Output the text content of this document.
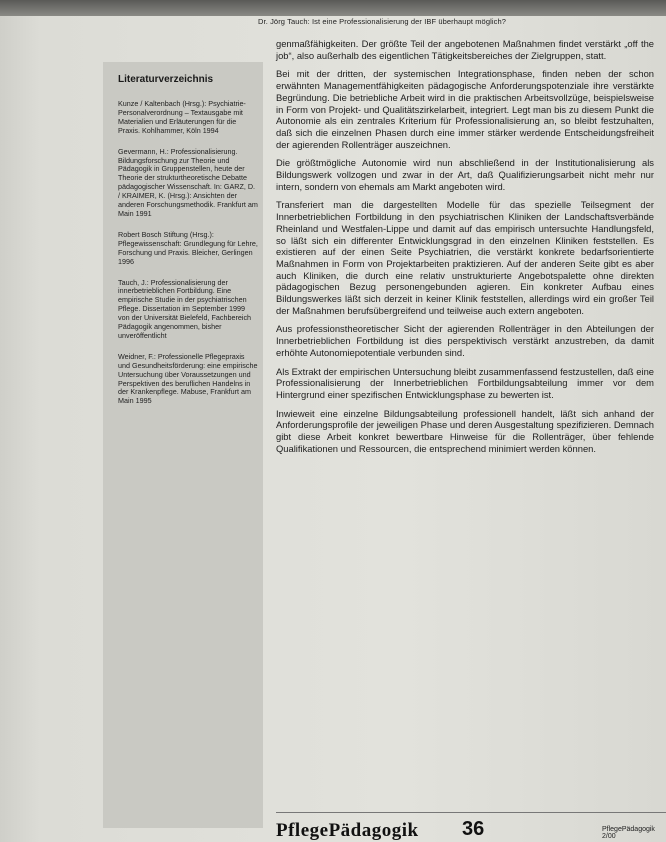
Dr. Jörg Tauch: Ist eine Professionalisierung der IBF überhaupt möglich?
Literaturverzeichnis

Kunze / Kaltenbach (Hrsg.): Psychiatrie-Personalverordnung – Textausgabe mit Materialien und Erläuterungen für die Praxis. Kohlhammer, Köln 1994

Gevermann, H.: Professionalisierung. Bildungsforschung zur Theorie und Pädagogik in Gruppenstellen, heute der Theorie der strukturtheoretische Debatte pädagogischer Wissenschaft. In: GARZ, D. / KRAIMER, K. (Hrsg.): Ansichten der anderen Forschungsmethodik. Frankfurt am Main 1991

Robert Bosch Stiftung (Hrsg.): Pflegewissenschaft: Grundlegung für Lehre, Forschung und Praxis. Bleicher, Gerlingen 1996

Tauch, J.: Professionalisierung der innerbetrieblichen Fortbildung. Eine empirische Studie in der psychiatrischen Pflege. Dissertation im September 1999 von der Universität Bielefeld, Fachbereich Pädagogik angenommen, bisher unveröffentlicht

Weidner, F.: Professionelle Pflegepraxis und Gesundheitsförderung: eine empirische Untersuchung über Voraussetzungen und Perspektiven des beruflichen Handelns in der Krankenpflege. Mabuse, Frankfurt am Main 1995

genmaßfähigkeiten. Der größte Teil der angebotenen Maßnahmen findet verstärkt „off the job“, also außerhalb des eigentlichen Tätigkeitsbereiches der Zielgruppen, statt.

Bei mit der dritten, der systemischen Integrationsphase, finden neben der schon erwähnten Managementfähigkeiten pädagogische Anforderungspotenziale ihre verstärkte Begründung. Die betriebliche Arbeit wird in die praktischen Arbeitsvollzüge, beispielsweise in Form von Projekt- und Qualitätszirkelarbeit, integriert. Legt man bis zu diesem Punkt die Autonomie als ein zentrales Kriterium für Professionalisierung an, so bleibt festzuhalten, daß sich die einzelnen Phasen durch eine immer stärker werdende Entscheidungsfreiheit der agierenden Rollenträger auszeichnen.

Die größtmögliche Autonomie wird nun abschließend in der Institutionalisierung als Bildungswerk vollzogen und zwar in der Art, daß Qualifizierungsarbeit nicht mehr nur intern, sondern von ehemals am Markt angeboten wird.

Transferiert man die dargestellten Modelle für das spezielle Teilsegment der Innerbetrieblichen Fortbildung in den psychiatrischen Kliniken der Landschaftsverbände Rheinland und Westfalen-Lippe und damit auf das empirisch untersuchte Handlungsfeld, so läßt sich ein differenter Entwicklungsgrad in den einzelnen Kliniken feststellen. Es existieren auf der einen Seite Psychiatrien, die verstärkt konkrete bedarfsorientierte Maßnahmen in Form von Projektarbeiten praktizieren. Auf der anderen Seite gibt es aber auch Kliniken, die durch eine relativ unstrukturierte Angebotspalette ohne direkten pädagogischen Bezug personengebunden agieren. Ein konkreter Aufbau eines Bildungswerkes läßt sich derzeit in keiner Klinik feststellen, allerdings wird ein großer Teil der Maßnahmen berufsübergreifend und teilweise auch extern angeboten.

Aus professionstheoretischer Sicht der agierenden Rollenträger in den Abteilungen der Innerbetrieblichen Fortbildung ist dies perspektivisch verstärkt anzustreben, da damit erhöhte Autonomiepotentiale verbunden sind.

Als Extrakt der empirischen Untersuchung bleibt zusammenfassend festzustellen, daß eine Professionalisierung der Innerbetrieblichen Fortbildungsabteilung immer vor dem Hintergrund einer spezifischen Entwicklungsphase zu bewerten ist.

Inwieweit eine einzelne Bildungsabteilung professionell handelt, läßt sich anhand der Anforderungsprofile der jeweiligen Phase und deren Ausgestaltung spezifizieren. Demnach gibt diese Arbeit konkret bewertbare Hinweise für die Rollenträger, über fehlende Qualifikationen und Ressourcen, die entsprechend minimiert werden können.

PflegePädagogik 36	PflegePädagogik 2/00
